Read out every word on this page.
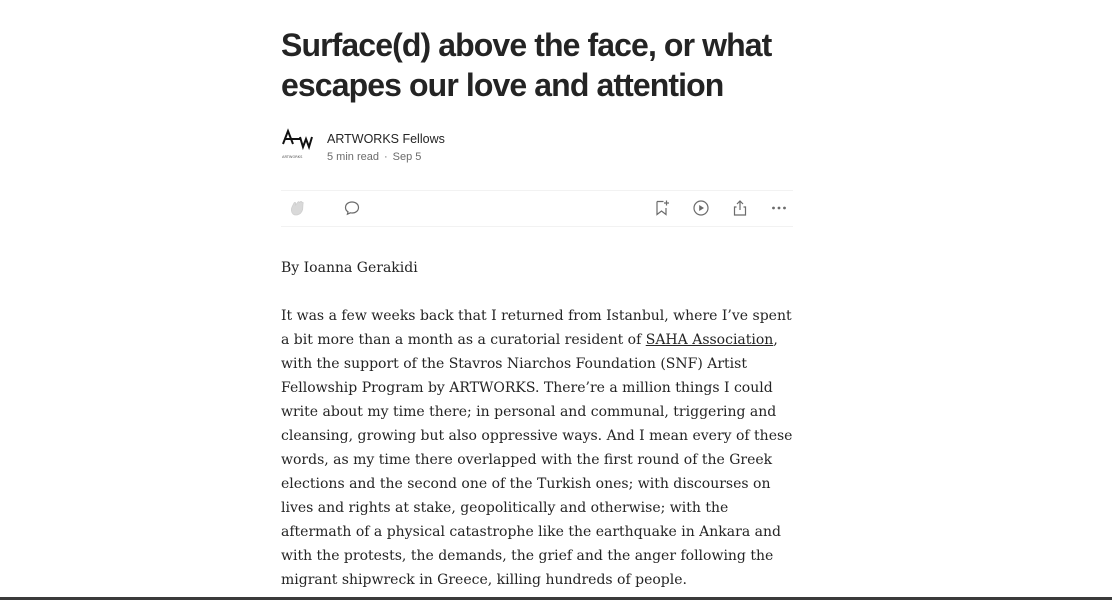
Surface(d) above the face, or what escapes our love and attention
ARTWORKS
ARTWORKS Fellows
5 min read · Sep 5

By Ioanna Gerakidi

It was a few weeks back that I returned from Istanbul, where I’ve spent a bit more than a month as a curatorial resident of SAHA Association, with the support of the Stavros Niarchos Foundation (SNF) Artist Fellowship Program by ARTWORKS. There’re a million things I could write about my time there; in personal and communal, triggering and cleansing, growing but also oppressive ways. And I mean every of these words, as my time there overlapped with the first round of the Greek elections and the second one of the Turkish ones; with discourses on lives and rights at stake, geopolitically and otherwise; with the aftermath of a physical catastrophe like the earthquake in Ankara and with the protests, the demands, the grief and the anger following the migrant shipwreck in Greece, killing hundreds of people.
